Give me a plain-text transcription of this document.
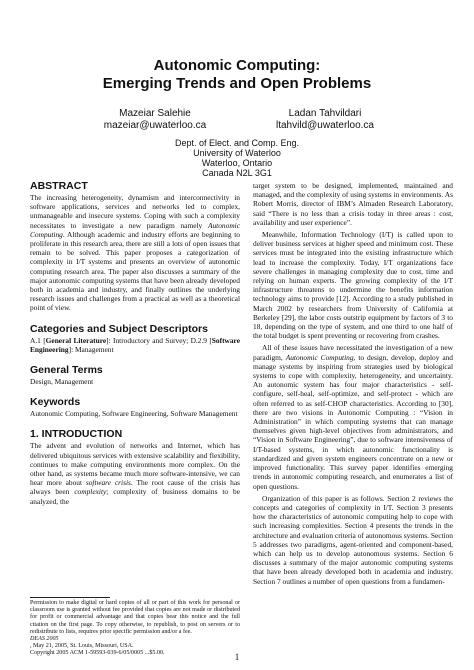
Autonomic Computing:
Emerging Trends and Open Problems
Mazeiar Salehie
mazeiar@uwaterloo.ca
Ladan Tahvildari
ltahvild@uwaterloo.ca
Dept. of Elect. and Comp. Eng.
University of Waterloo
Waterloo, Ontario
Canada N2L 3G1
ABSTRACT

The increasing heterogeneity, dynamism and interconnectivity in software applications, services and networks led to complex, unmanageable and insecure systems. Coping with such a complexity necessitates to investigate a new paradigm namely Autonomic Computing. Although academic and industry efforts are beginning to proliferate in this research area, there are still a lots of open issues that remain to be solved. This paper proposes a categorization of complexity in I/T systems and presents an overview of autonomic computing research area. The paper also discusses a summary of the major autonomic computing systems that have been already developed both in academia and industry, and finally outlines the underlying research issues and challenges from a practical as well as a theoretical point of view.

Categories and Subject Descriptors

A.1 [General Literature]: Introductory and Survey; D.2.9 [Software Engineering]: Management

General Terms

Design, Management

Keywords

Autonomic Computing, Software Engineering, Software Management

1. INTRODUCTION

The advent and evolution of networks and Internet, which has delivered ubiquitous services with extensive scalability and flexibility, continues to make computing environments more complex. On the other hand, as systems became much more software-intensive, we can hear more about software crisis. The root cause of the crisis has always been complexity; complexity of business domains to be analyzed, the

Permission to make digital or hard copies of all or part of this work for personal or classroom use is granted without fee provided that copies are not made or distributed for profit or commercial advantage and that copies bear this notice and the full citation on the first page. To copy otherwise, to republish, to post on servers or to redistribute to lists, requires prior specific permission and/or a fee.
DEAS 2005
, May 21, 2005, St. Louis, Missouri, USA.
Copyright 2005 ACM 1-59593-039-6/05/0005 ...$5.00.

target system to be designed, implemented, maintained and managed, and the complexity of using systems in environments. As Robert Morris, director of IBM’s Almaden Research Laboratory, said “There is no less than a crisis today in three areas : cost, availability and user experience”.

Meanwhile, Information Technology (I/T) is called upon to deliver business services at higher speed and minimum cost. These services must be integrated into the existing infrastructure which lead to increase the complexity. Today, I/T organizations face severe challenges in managing complexity due to cost, time and relying on human experts. The growing complexity of the I/T infrastructure threatens to undermine the benefits information technology aims to provide [12]. According to a study published in March 2002 by researchers from University of California at Berkeley [29], the labor costs outstrip equipment by factors of 3 to 18, depending on the type of system, and one third to one half of the total budget is spent preventing or recovering from crashes.

All of these issues have necessitated the investigation of a new paradigm, Autonomic Computing, to design, develop, deploy and manage systems by inspiring from strategies used by biological systems to cope with complexity, heterogeneity, and uncertainty. An autonomic system has four major characteristics - self-configure, self-heal, self-optimize, and self-protect - which are often referred to as self-CHOP characteristics. According to [30], there are two visions in Autonomic Computing : “Vision in Administration” in which computing systems that can manage themselves given high-level objectives from administrators, and “Vision in Software Engineering”, due to software intensiveness of I/T-based systems, in which autonomic functionality is standardized and given system engineers concentrate on a new or improved functionality. This survey paper identifies emerging trends in autonomic computing research, and enumerates a list of open questions.

Organization of this paper is as follows. Section 2 reviews the concepts and categories of complexity in I/T. Section 3 presents how the characteristics of autonomic computing help to cope with such increasing complexities. Section 4 presents the trends in the architecture and evaluation criteria of autonomous systems. Section 5 addresses two paradigms, agent-oriented and component-based, which can help us to develop autonomous systems. Section 6 discusses a summary of the major autonomic computing systems that have been already developed both in academia and industry. Section 7 outlines a number of open questions from a fundamen-

1
